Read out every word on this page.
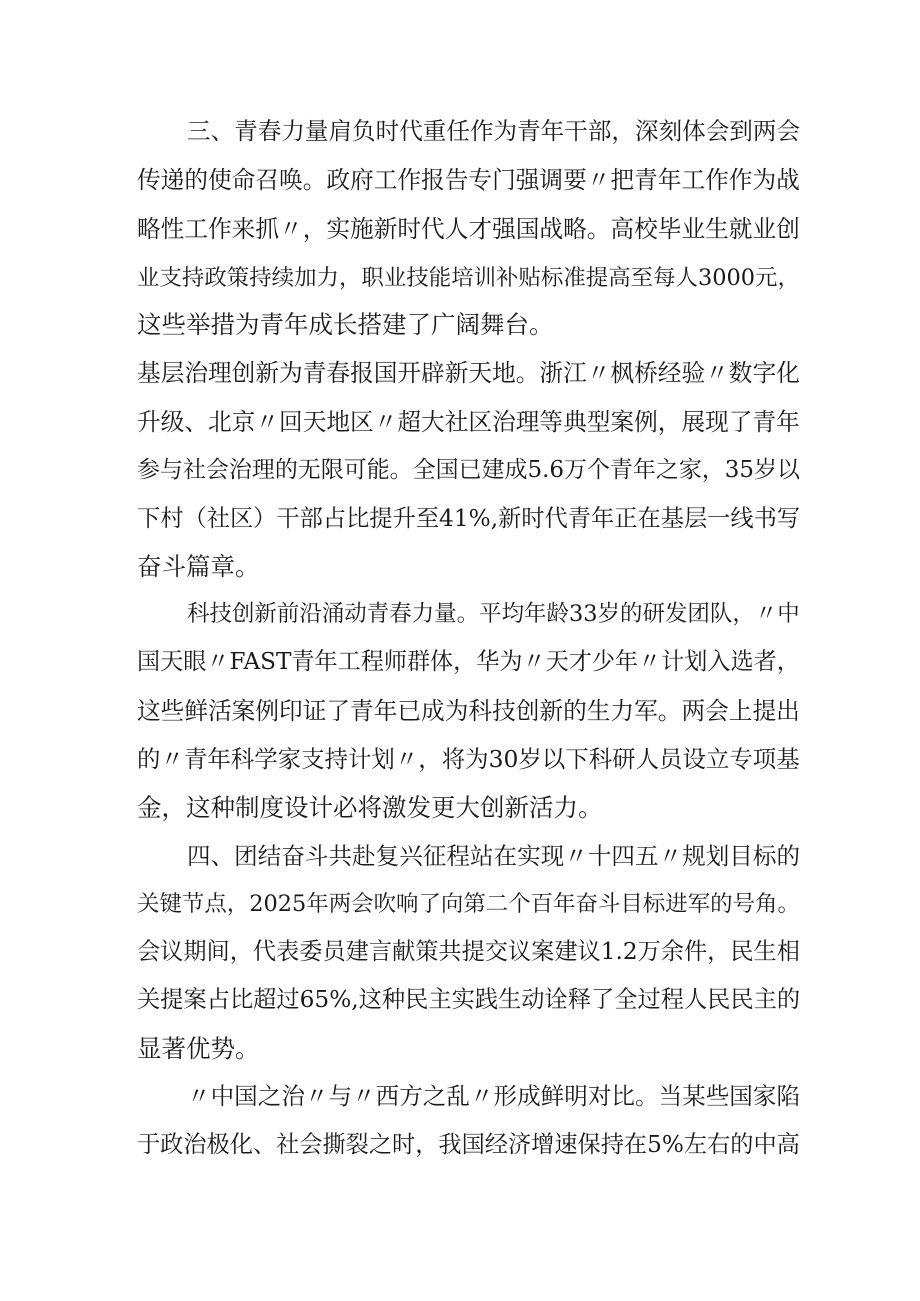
三、青春力量肩负时代重任作为青年干部，深刻体会到两会

传递的使命召唤。政府工作报告专门强调要〃把青年工作作为战

略性工作来抓〃，实施新时代人才强国战略。高校毕业生就业创

业支持政策持续加力，职业技能培训补贴标准提高至每人3000元，

这些举措为青年成长搭建了广阔舞台。

基层治理创新为青春报国开辟新天地。浙江〃枫桥经验〃数字化

升级、北京〃回天地区〃超大社区治理等典型案例，展现了青年

参与社会治理的无限可能。全国已建成5.6万个青年之家，35岁以

下村（社区）干部占比提升至41%,新时代青年正在基层一线书写

奋斗篇章。

科技创新前沿涌动青春力量。平均年龄33岁的研发团队，〃中

国天眼〃FAST青年工程师群体，华为〃天才少年〃计划入选者，

这些鲜活案例印证了青年已成为科技创新的生力军。两会上提出

的〃青年科学家支持计划〃，将为30岁以下科研人员设立专项基

金，这种制度设计必将激发更大创新活力。

四、团结奋斗共赴复兴征程站在实现〃十四五〃规划目标的

关键节点，2025年两会吹响了向第二个百年奋斗目标进军的号角。

会议期间，代表委员建言献策共提交议案建议1.2万余件，民生相

关提案占比超过65%,这种民主实践生动诠释了全过程人民民主的

显著优势。

〃中国之治〃与〃西方之乱〃形成鲜明对比。当某些国家陷

于政治极化、社会撕裂之时，我国经济增速保持在5%左右的中高
